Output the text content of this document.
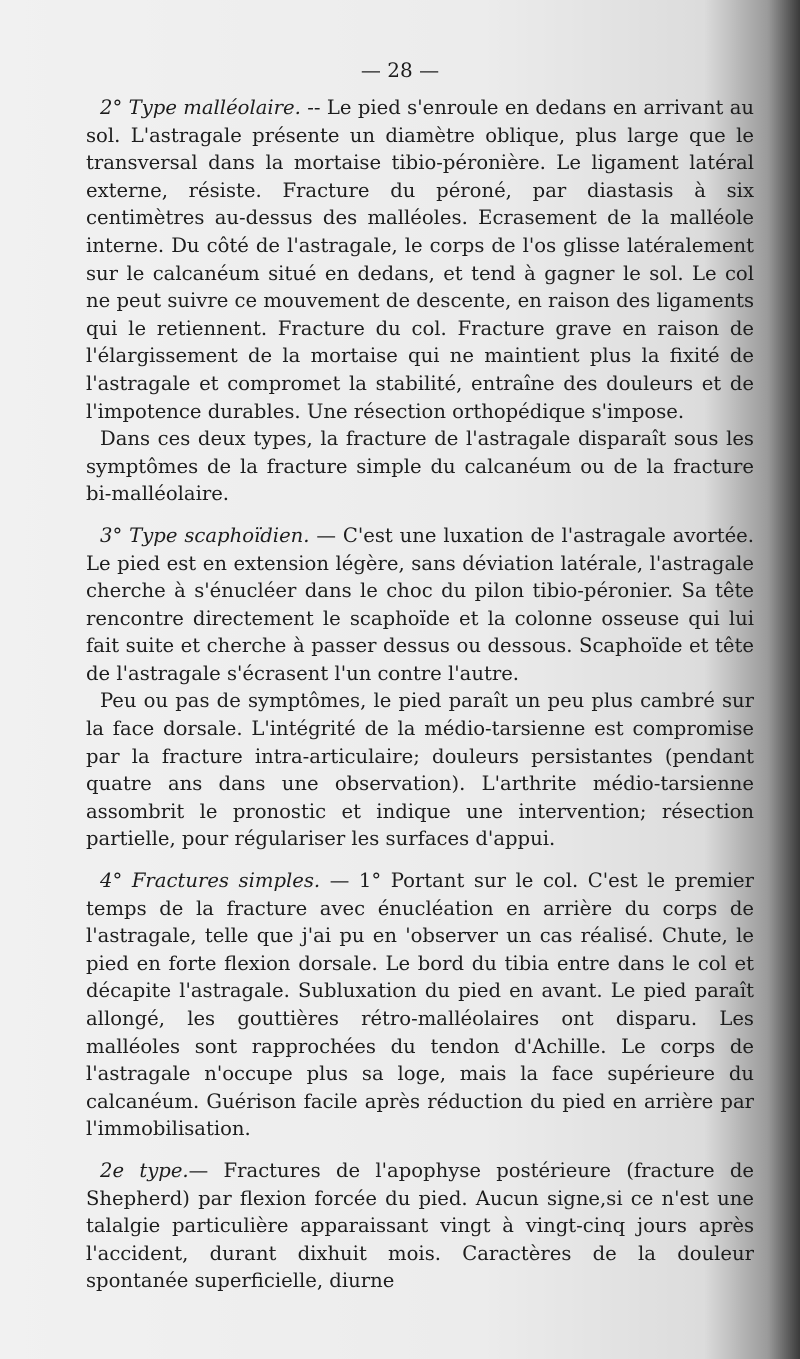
— 28 —

2° Type malléolaire. -- Le pied s'enroule en dedans en arrivant au sol. L'astragale présente un diamètre oblique, plus large que le transversal dans la mortaise tibio-péronière. Le ligament latéral externe, résiste. Fracture du péroné, par diastasis à six centimètres au-dessus des malléoles. Ecrasement de la malléole interne. Du côté de l'astragale, le corps de l'os glisse latéralement sur le calcanéum situé en dedans, et tend à gagner le sol. Le col ne peut suivre ce mouvement de descente, en raison des ligaments qui le retiennent. Fracture du col. Fracture grave en raison de l'élargissement de la mortaise qui ne maintient plus la fixité de l'astragale et compromet la stabilité, entraîne des douleurs et de l'impotence durables. Une résection orthopédique s'impose.

Dans ces deux types, la fracture de l'astragale disparaît sous les symptômes de la fracture simple du calcanéum ou de la fracture bi-malléolaire.

3° Type scaphoïdien. — C'est une luxation de l'astragale avortée. Le pied est en extension légère, sans déviation latérale, l'astragale cherche à s'énucléer dans le choc du pilon tibio-péronier. Sa tête rencontre directement le scaphoïde et la colonne osseuse qui lui fait suite et cherche à passer dessus ou dessous. Scaphoïde et tête de l'astragale s'écrasent l'un contre l'autre.

Peu ou pas de symptômes, le pied paraît un peu plus cambré sur la face dorsale. L'intégrité de la médio-tarsienne est compromise par la fracture intra-articulaire; douleurs persistantes (pendant quatre ans dans une observation). L'arthrite médio-tarsienne assombrit le pronostic et indique une intervention; résection partielle, pour régulariser les surfaces d'appui.

4° Fractures simples. — 1° Portant sur le col. C'est le premier temps de la fracture avec énucléation en arrière du corps de l'astragale, telle que j'ai pu en 'observer un cas réalisé. Chute, le pied en forte flexion dorsale. Le bord du tibia entre dans le col et décapite l'astragale. Subluxation du pied en avant. Le pied paraît allongé, les gouttières rétro-malléolaires ont disparu. Les malléoles sont rapprochées du tendon d'Achille. Le corps de l'astragale n'occupe plus sa loge, mais la face supérieure du calcanéum. Guérison facile après réduction du pied en arrière par l'immobilisation.

2e type.— Fractures de l'apophyse postérieure (fracture de Shepherd) par flexion forcée du pied. Aucun signe,si ce n'est une talalgie particulière apparaissant vingt à vingt-cinq jours après l'accident, durant dixhuit mois. Caractères de la douleur spontanée superficielle, diurne
